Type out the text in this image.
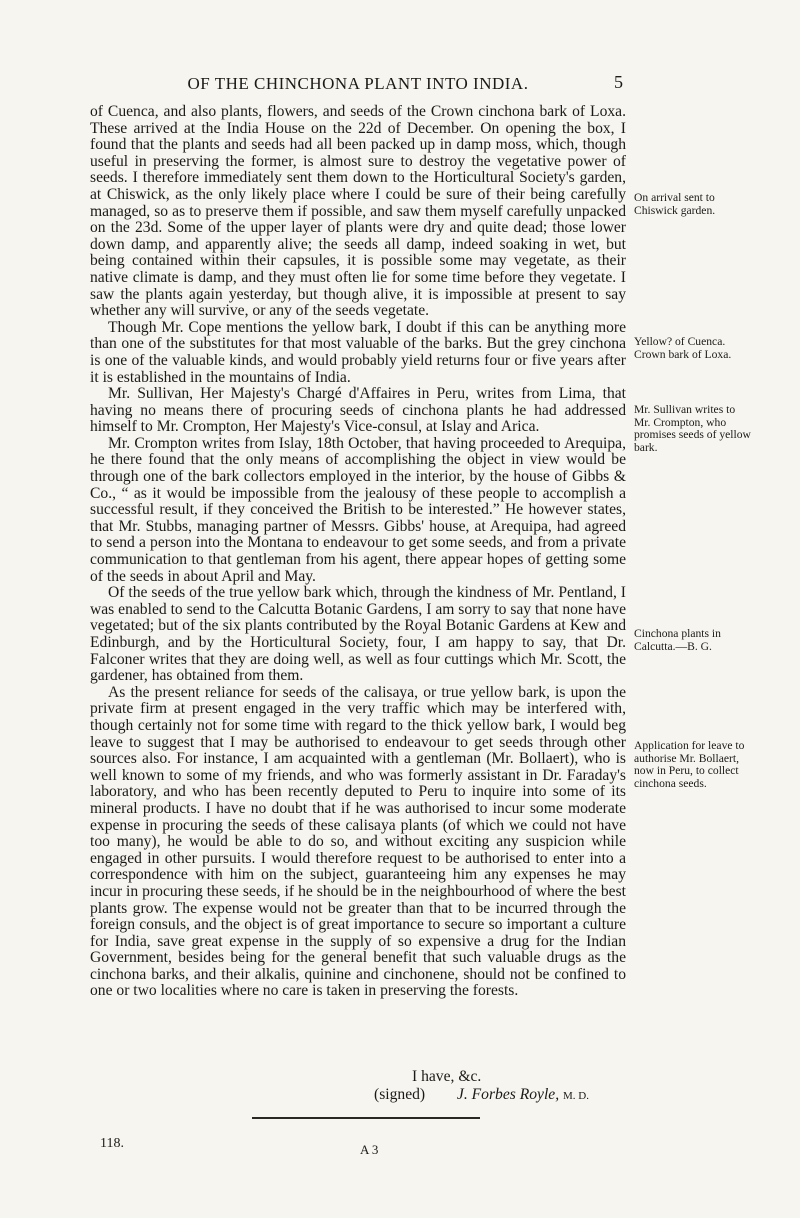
OF THE CHINCHONA PLANT INTO INDIA.	5

of Cuenca, and also plants, flowers, and seeds of the Crown cinchona bark of Loxa. These arrived at the India House on the 22d of December. On opening the box, I found that the plants and seeds had all been packed up in damp moss, which, though useful in preserving the former, is almost sure to destroy the vegetative power of seeds. I therefore immediately sent them down to the Horticultural Society's garden, at Chiswick, as the only likely place where I could be sure of their being carefully managed, so as to preserve them if possible, and saw them myself carefully unpacked on the 23d. Some of the upper layer of plants were dry and quite dead; those lower down damp, and apparently alive; the seeds all damp, indeed soaking in wet, but being contained within their capsules, it is possible some may vegetate, as their native climate is damp, and they must often lie for some time before they vegetate. I saw the plants again yesterday, but though alive, it is impossible at present to say whether any will survive, or any of the seeds vegetate.

Though Mr. Cope mentions the yellow bark, I doubt if this can be anything more than one of the substitutes for that most valuable of the barks. But the grey cinchona is one of the valuable kinds, and would probably yield returns four or five years after it is established in the mountains of India.

Mr. Sullivan, Her Majesty's Chargé d'Affaires in Peru, writes from Lima, that having no means there of procuring seeds of cinchona plants he had addressed himself to Mr. Crompton, Her Majesty's Vice-consul, at Islay and Arica.

Mr. Crompton writes from Islay, 18th October, that having proceeded to Arequipa, he there found that the only means of accomplishing the object in view would be through one of the bark collectors employed in the interior, by the house of Gibbs & Co., “ as it would be impossible from the jealousy of these people to accomplish a successful result, if they conceived the British to be interested.” He however states, that Mr. Stubbs, managing partner of Messrs. Gibbs' house, at Arequipa, had agreed to send a person into the Montana to endeavour to get some seeds, and from a private communication to that gentleman from his agent, there appear hopes of getting some of the seeds in about April and May.

Of the seeds of the true yellow bark which, through the kindness of Mr. Pentland, I was enabled to send to the Calcutta Botanic Gardens, I am sorry to say that none have vegetated; but of the six plants contributed by the Royal Botanic Gardens at Kew and Edinburgh, and by the Horticultural Society, four, I am happy to say, that Dr. Falconer writes that they are doing well, as well as four cuttings which Mr. Scott, the gardener, has obtained from them.

As the present reliance for seeds of the calisaya, or true yellow bark, is upon the private firm at present engaged in the very traffic which may be interfered with, though certainly not for some time with regard to the thick yellow bark, I would beg leave to suggest that I may be authorised to endeavour to get seeds through other sources also. For instance, I am acquainted with a gentleman (Mr. Bollaert), who is well known to some of my friends, and who was formerly assistant in Dr. Faraday's laboratory, and who has been recently deputed to Peru to inquire into some of its mineral products. I have no doubt that if he was authorised to incur some moderate expense in procuring the seeds of these calisaya plants (of which we could not have too many), he would be able to do so, and without exciting any suspicion while engaged in other pursuits. I would therefore request to be authorised to enter into a correspondence with him on the subject, guaranteeing him any expenses he may incur in procuring these seeds, if he should be in the neighbourhood of where the best plants grow. The expense would not be greater than that to be incurred through the foreign consuls, and the object is of great importance to secure so important a culture for India, save great expense in the supply of so expensive a drug for the Indian Government, besides being for the general benefit that such valuable drugs as the cinchona barks, and their alkalis, quinine and cinchonene, should not be confined to one or two localities where no care is taken in preserving the forests.

On arrival sent to Chiswick garden.
Yellow? of Cuenca. Crown bark of Loxa.
Mr. Sullivan writes to Mr. Crompton, who promises seeds of yellow bark.
Cinchona plants in Calcutta.—B. G.
Application for leave to authorise Mr. Bollaert, now in Peru, to collect cinchona seeds.
I have, &c.
(signed) J. Forbes Royle, M. D.
118.	A 3
